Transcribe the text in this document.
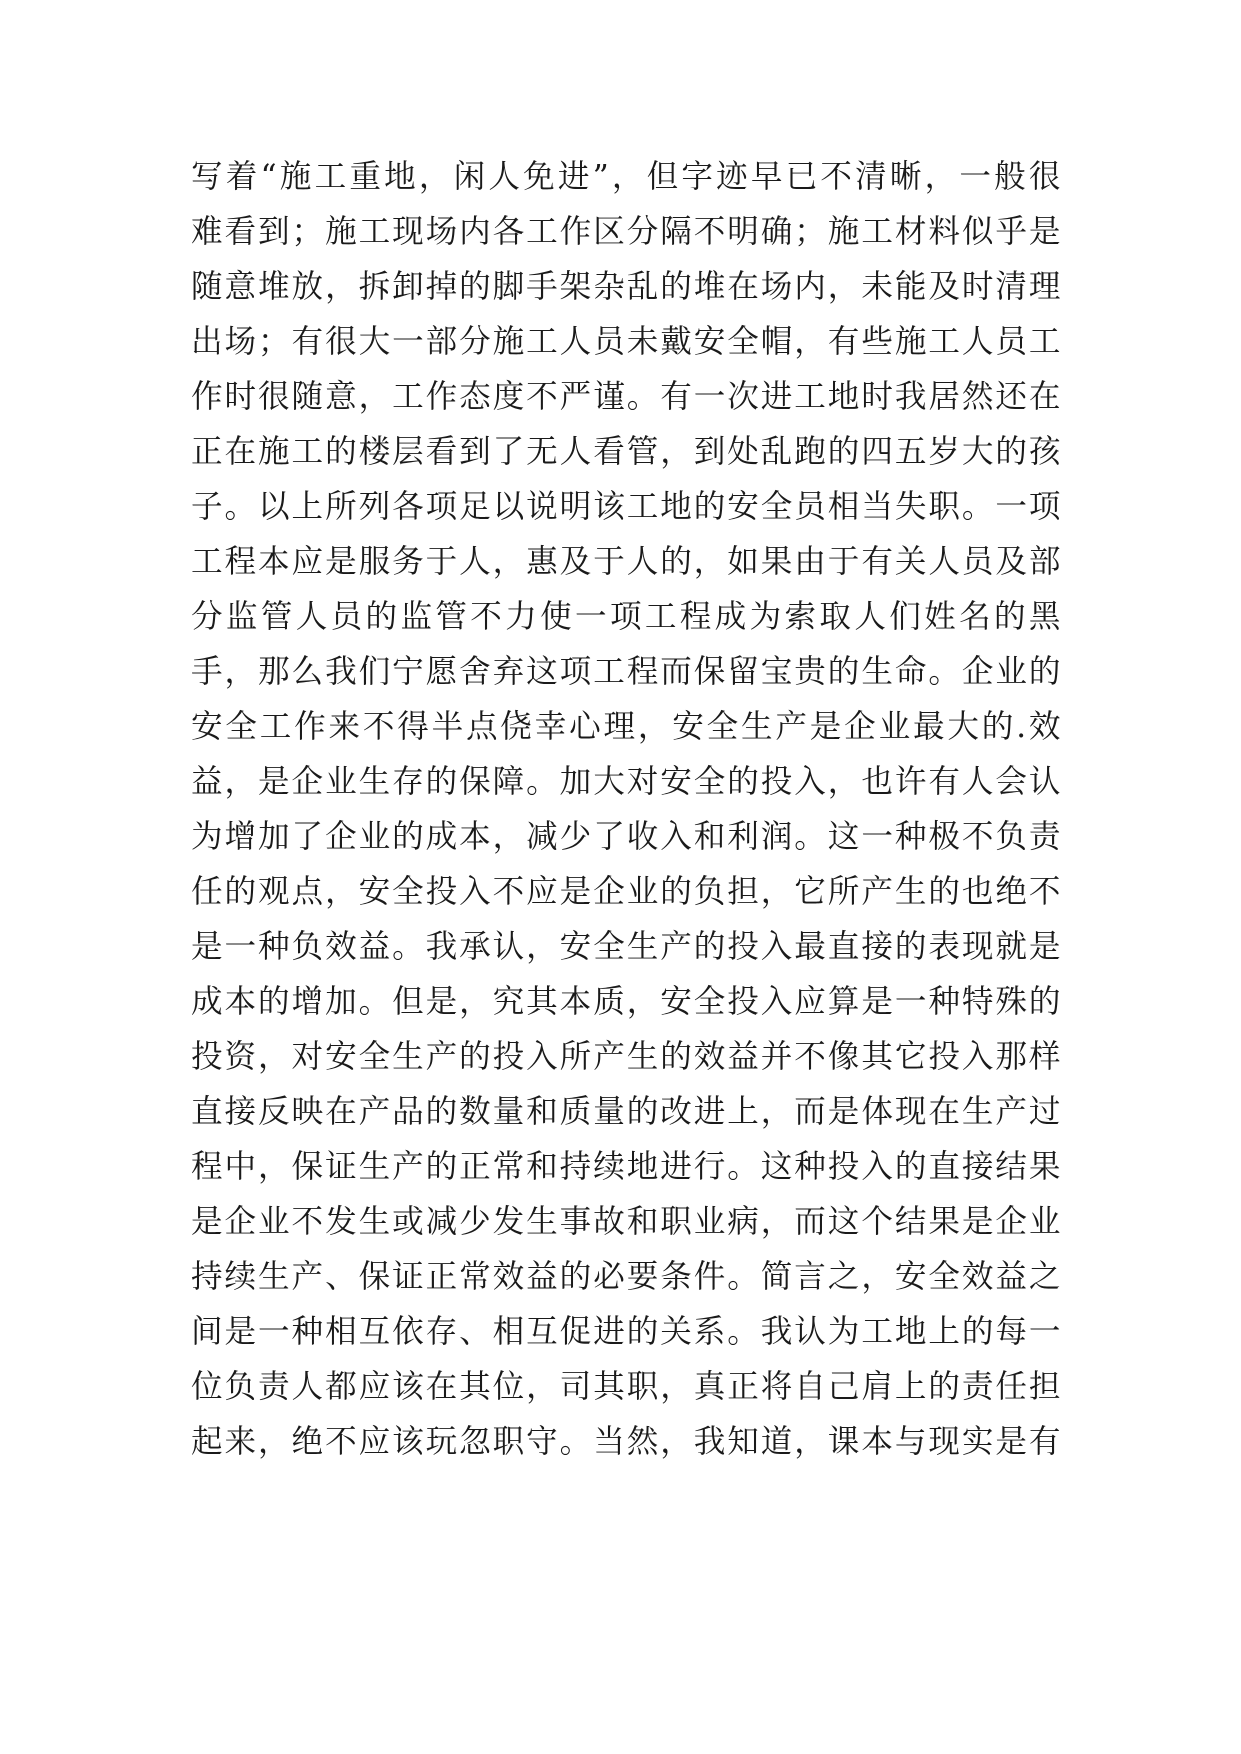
写着“施工重地，闲人免进”，但字迹早已不清晰，一般很
难看到；施工现场内各工作区分隔不明确；施工材料似乎是
随意堆放，拆卸掉的脚手架杂乱的堆在场内，未能及时清理
出场；有很大一部分施工人员未戴安全帽，有些施工人员工
作时很随意，工作态度不严谨。有一次进工地时我居然还在
正在施工的楼层看到了无人看管，到处乱跑的四五岁大的孩
子。以上所列各项足以说明该工地的安全员相当失职。一项
工程本应是服务于人，惠及于人的，如果由于有关人员及部
分监管人员的监管不力使一项工程成为索取人们姓名的黑
手，那么我们宁愿舍弃这项工程而保留宝贵的生命。企业的
安全工作来不得半点侥幸心理，安全生产是企业最大的.效
益，是企业生存的保障。加大对安全的投入，也许有人会认
为增加了企业的成本，减少了收入和利润。这一种极不负责
任的观点，安全投入不应是企业的负担，它所产生的也绝不
是一种负效益。我承认，安全生产的投入最直接的表现就是
成本的增加。但是，究其本质，安全投入应算是一种特殊的
投资，对安全生产的投入所产生的效益并不像其它投入那样
直接反映在产品的数量和质量的改进上，而是体现在生产过
程中，保证生产的正常和持续地进行。这种投入的直接结果
是企业不发生或减少发生事故和职业病，而这个结果是企业
持续生产、保证正常效益的必要条件。简言之，安全效益之
间是一种相互依存、相互促进的关系。我认为工地上的每一
位负责人都应该在其位，司其职，真正将自己肩上的责任担
起来，绝不应该玩忽职守。当然，我知道，课本与现实是有
